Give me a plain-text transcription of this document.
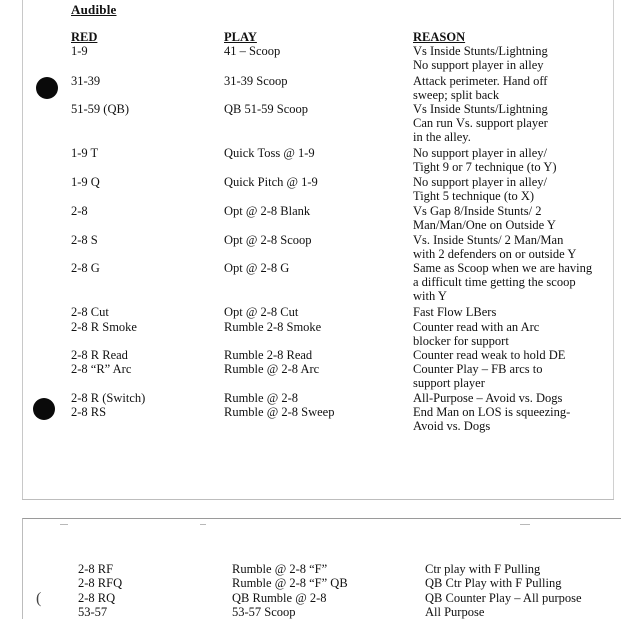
Audible
RED	PLAY	REASON
1-9	41 – Scoop	Vs Inside Stunts/Lightning
No support player in alley
31-39	31-39 Scoop	Attack perimeter. Hand off
sweep; split back
51-59 (QB)	QB 51-59 Scoop	Vs Inside Stunts/Lightning
Can run Vs. support player
in the alley.
1-9 T	Quick Toss @ 1-9	No support player in alley/
Tight 9 or 7 technique (to Y)
1-9 Q	Quick Pitch @ 1-9	No support player in alley/
Tight 5 technique (to X)
2-8	Opt @ 2-8 Blank	Vs Gap 8/Inside Stunts/ 2
Man/Man/One on Outside Y
2-8 S	Opt @ 2-8 Scoop	Vs. Inside Stunts/ 2 Man/Man
with 2 defenders on or outside Y
2-8 G	Opt @ 2-8 G	Same as Scoop when we are having
a difficult time getting the scoop
with Y
2-8 Cut	Opt @ 2-8 Cut	Fast Flow LBers
2-8 R Smoke	Rumble 2-8 Smoke	Counter read with an Arc
blocker for support
2-8 R Read	Rumble 2-8 Read	Counter read weak to hold DE
2-8 “R” Arc	Rumble @ 2-8 Arc	Counter Play – FB arcs to
support player
2-8 R (Switch)	Rumble @ 2-8	All-Purpose – Avoid vs. Dogs
2-8 RS	Rumble @ 2-8 Sweep	End Man on LOS is squeezing-
Avoid vs. Dogs
(
2-8 RF	Rumble @ 2-8 “F”	Ctr play with F Pulling
2-8 RFQ	Rumble @ 2-8 “F” QB	QB Ctr Play with F Pulling
2-8 RQ	QB Rumble @ 2-8	QB Counter Play – All purpose
53-57	53-57 Scoop	All Purpose
